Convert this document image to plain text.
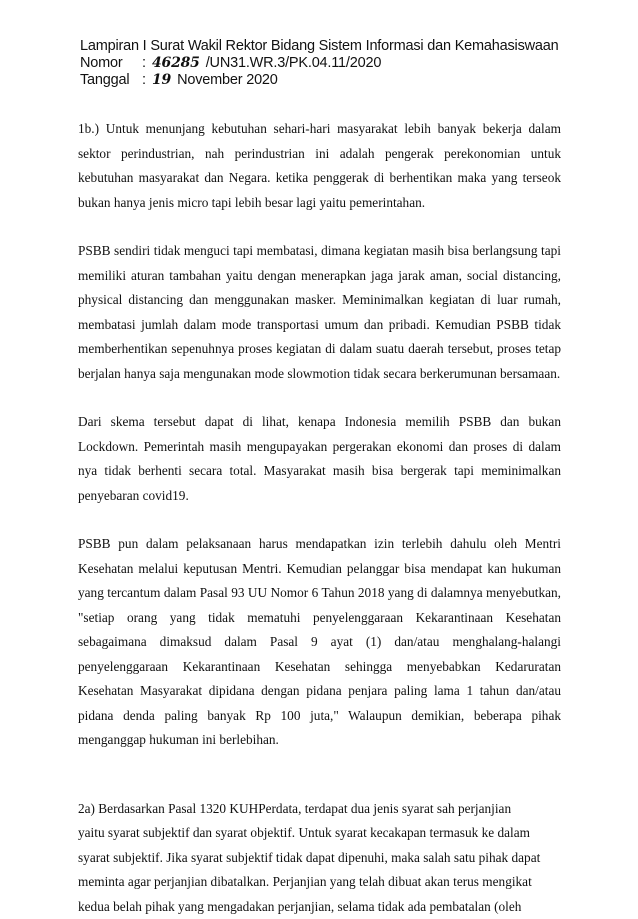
Lampiran I Surat Wakil Rektor Bidang Sistem Informasi dan Kemahasiswaan
Nomor : 46285 /UN31.WR.3/PK.04.11/2020
Tanggal : 19 November 2020

1b.) Untuk menunjang kebutuhan sehari-hari masyarakat lebih banyak bekerja dalam sektor perindustrian, nah perindustrian ini adalah pengerak perekonomian untuk kebutuhan masyarakat dan Negara. ketika penggerak di berhentikan maka yang terseok bukan hanya jenis micro tapi lebih besar lagi yaitu pemerintahan.

PSBB sendiri tidak menguci tapi membatasi, dimana kegiatan masih bisa berlangsung tapi memiliki aturan tambahan yaitu dengan menerapkan jaga jarak aman, social distancing, physical distancing dan menggunakan masker. Meminimalkan kegiatan di luar rumah, membatasi jumlah dalam mode transportasi umum dan pribadi. Kemudian PSBB tidak memberhentikan sepenuhnya proses kegiatan di dalam suatu daerah tersebut, proses tetap berjalan hanya saja mengunakan mode slowmotion tidak secara berkerumunan bersamaan.

Dari skema tersebut dapat di lihat, kenapa Indonesia memilih PSBB dan bukan Lockdown. Pemerintah masih mengupayakan pergerakan ekonomi dan proses di dalam nya tidak berhenti secara total. Masyarakat masih bisa bergerak tapi meminimalkan penyebaran covid19.

PSBB pun dalam pelaksanaan harus mendapatkan izin terlebih dahulu oleh Mentri Kesehatan melalui keputusan Mentri. Kemudian pelanggar bisa mendapat kan hukuman yang tercantum dalam Pasal 93 UU Nomor 6 Tahun 2018 yang di dalamnya menyebutkan, "setiap orang yang tidak mematuhi penyelenggaraan Kekarantinaan Kesehatan sebagaimana dimaksud dalam Pasal 9 ayat (1) dan/atau menghalang-halangi penyelenggaraan Kekarantinaan Kesehatan sehingga menyebabkan Kedaruratan Kesehatan Masyarakat dipidana dengan pidana penjara paling lama 1 tahun dan/atau pidana denda paling banyak Rp 100 juta," Walaupun demikian, beberapa pihak menganggap hukuman ini berlebihan.

2a) Berdasarkan Pasal 1320 KUHPerdata, terdapat dua jenis syarat sah perjanjian
yaitu syarat subjektif dan syarat objektif. Untuk syarat kecakapan termasuk ke dalam
syarat subjektif. Jika syarat subjektif tidak dapat dipenuhi, maka salah satu pihak dapat
meminta agar perjanjian dibatalkan. Perjanjian yang telah dibuat akan terus mengikat
kedua belah pihak yang mengadakan perjanjian, selama tidak ada pembatalan (oleh
